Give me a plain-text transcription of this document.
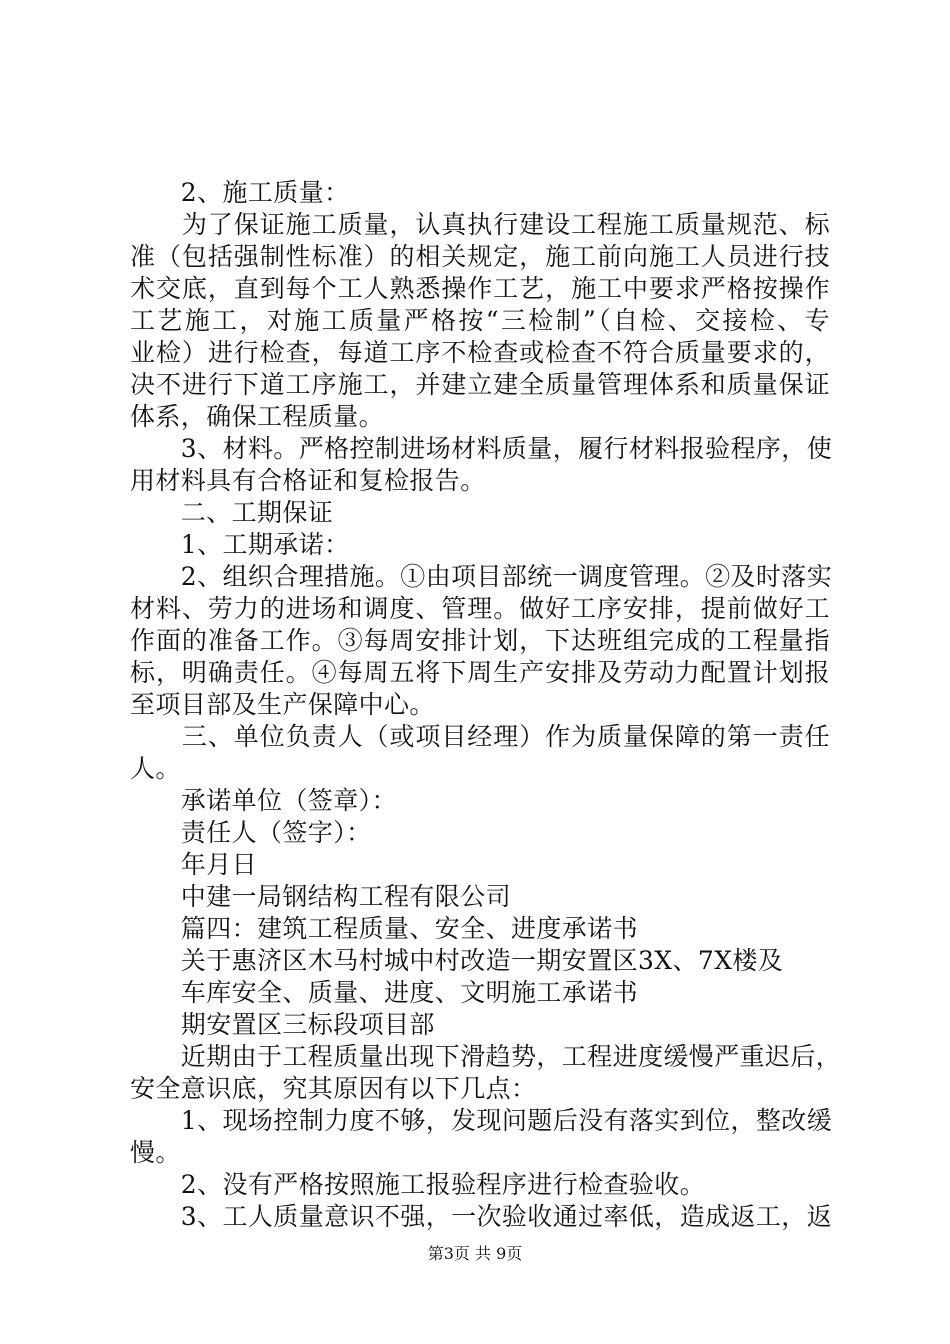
　　2、施工质量：
　　为了保证施工质量，认真执行建设工程施工质量规范、标
准（包括强制性标准）的相关规定，施工前向施工人员进行技
术交底，直到每个工人熟悉操作工艺，施工中要求严格按操作
工艺施工，对施工质量严格按“三检制”（自检、交接检、专
业检）进行检查，每道工序不检查或检查不符合质量要求的，
决不进行下道工序施工，并建立建全质量管理体系和质量保证
体系，确保工程质量。
　　3、材料。严格控制进场材料质量，履行材料报验程序，使
用材料具有合格证和复检报告。
　　二、工期保证
　　1、工期承诺：
　　2、组织合理措施。①由项目部统一调度管理。②及时落实
材料、劳力的进场和调度、管理。做好工序安排，提前做好工
作面的准备工作。③每周安排计划，下达班组完成的工程量指
标，明确责任。④每周五将下周生产安排及劳动力配置计划报
至项目部及生产保障中心。
　　三、单位负责人（或项目经理）作为质量保障的第一责任
人。
　　承诺单位（签章）：
　　责任人（签字）：
　　年月日
　　中建一局钢结构工程有限公司
　　篇四：建筑工程质量、安全、进度承诺书
　　关于惠济区木马村城中村改造一期安置区3X、7X楼及
　　车库安全、质量、进度、文明施工承诺书
　　期安置区三标段项目部
　　近期由于工程质量出现下滑趋势，工程进度缓慢严重迟后，
安全意识底，究其原因有以下几点：
　　1、现场控制力度不够，发现问题后没有落实到位，整改缓
慢。
　　2、没有严格按照施工报验程序进行检查验收。
　　3、工人质量意识不强，一次验收通过率低，造成返工，返
第3页 共 9页
